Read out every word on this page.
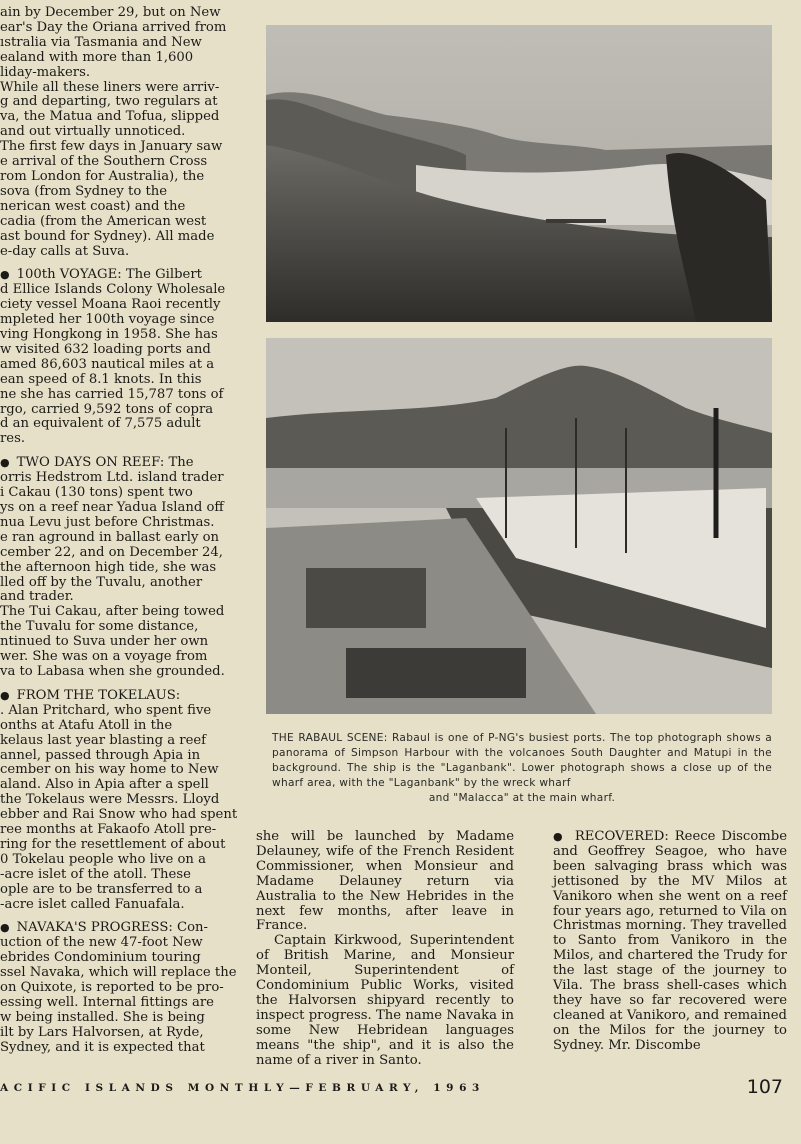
ain by December 29, but on New

ear's Day the Oriana arrived from

ıstralia via Tasmania and New

ealand with more than 1,600

liday-makers.

While all these liners were arriv-

g and departing, two regulars at

va, the Matua and Tofua, slipped

and out virtually unnoticed.

The first few days in January saw

e arrival of the Southern Cross

rom London for Australia), the

sova (from Sydney to the

nerican west coast) and the

cadia (from the American west

ast bound for Sydney). All made

e-day calls at Suva.

●  100th VOYAGE: The Gilbert

d Ellice Islands Colony Wholesale

ciety vessel Moana Raoi recently

mpleted her 100th voyage since

ving Hongkong in 1958. She has

w visited 632 loading ports and

amed 86,603 nautical miles at a

ean speed of 8.1 knots. In this

ne she has carried 15,787 tons of

rgo, carried 9,592 tons of copra

d an equivalent of 7,575 adult

res.

●  TWO DAYS ON REEF: The

orris Hedstrom Ltd. island trader

i Cakau (130 tons) spent two

ys on a reef near Yadua Island off

nua Levu just before Christmas.

e ran aground in ballast early on

cember 22, and on December 24,

the afternoon high tide, she was

lled off by the Tuvalu, another

and trader.

The Tui Cakau, after being towed

the Tuvalu for some distance,

ntinued to Suva under her own

wer. She was on a voyage from

va to Labasa when she grounded.

●  FROM THE TOKELAUS:

. Alan Pritchard, who spent five

onths at Atafu Atoll in the

kelaus last year blasting a reef

annel, passed through Apia in

cember on his way home to New

aland. Also in Apia after a spell

the Tokelaus were Messrs. Lloyd

ebber and Rai Snow who had spent

ree months at Fakaofo Atoll pre-

ring for the resettlement of about

0 Tokelau people who live on a

-acre islet of the atoll. These

ople are to be transferred to a

-acre islet called Fanuafala.

●  NAVAKA'S PROGRESS: Con-

uction of the new 47-foot New

ebrides Condominium touring

ssel Navaka, which will replace the

on Quixote, is reported to be pro-

essing well. Internal fittings are

w being installed. She is being

ilt by Lars Halvorsen, at Ryde,

Sydney, and it is expected that

THE RABAUL SCENE: Rabaul is one of P-NG's busiest ports. The top photograph shows a panorama of Simpson Harbour with the volcanoes South Daughter and Matupi in the background. The ship is the "Laganbank". Lower photograph shows a close up of the wharf area, with the "Laganbank" by the wreck wharf
and "Malacca" at the main wharf.

she will be launched by Madame Delauney, wife of the French Resident Commissioner, when Monsieur and Madame Delauney return via Australia to the New Hebrides in the next few months, after leave in France.

Captain Kirkwood, Superintendent of British Marine, and Monsieur Monteil, Superintendent of Condominium Public Works, visited the Halvorsen shipyard recently to inspect progress. The name Navaka in some New Hebridean languages means "the ship", and it is also the name of a river in Santo.

●  RECOVERED: Reece Discombe and Geoffrey Seagoe, who have been salvaging brass which was jettisoned by the MV Milos at Vanikoro when she went on a reef four years ago, returned to Vila on Christmas morning. They travelled to Santo from Vanikoro in the Milos, and chartered the Trudy for the last stage of the journey to Vila. The brass shell-cases which they have so far recovered were cleaned at Vanikoro, and remained on the Milos for the journey to Sydney. Mr. Discombe

ACIFIC ISLANDS MONTHLY—FEBRUARY, 1963	107
